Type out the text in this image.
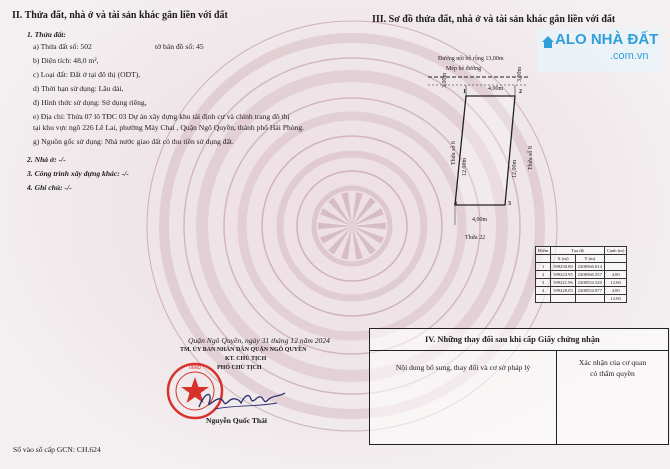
II. Thửa đất, nhà ở và tài sản khác gắn liền với đất
1. Thửa đất:
a) Thửa đất số: 502	tờ bản đồ số: 45
b) Diện tích: 48,0 m²,
c) Loại đất: Đất ở tại đô thị (ODT),
d) Thời hạn sử dụng: Lâu dài,
đ) Hình thức sử dụng: Sử dụng riêng,
e) Địa chỉ: Thửa 07 lô TĐC 03 Dự án xây dựng khu tái định cư và chỉnh trang đô thị
tại khu vực ngõ 226 Lê Lai, phường Máy Chai , Quận Ngô Quyền, thành phố Hải Phòng.
g) Nguồn gốc sử dụng: Nhà nước giao đất có thu tiền sử dụng đất.
2. Nhà ở: -/-
3. Công trình xây dựng khác: -/-
4. Ghi chú: -/-
Quận Ngô Quyền, ngày 31 tháng 12 năm 2024
TM. ỦY BAN NHÂN DÂN QUẬN NGÔ QUYỀN
KT. CHỦ TỊCH
PHÓ CHỦ TỊCH
UBND
Nguyễn Quốc Thái
Số vào sổ cấp GCN: CH.624
III. Sơ đồ thửa đất, nhà ở và tài sản khác gắn liền với đất
Đường nội bộ rộng 13,00m
Mép hè đường
4,00m
4,00m
3,00m	3,00m
12,00m	12,00m
Thửa số 6	Thửa số 8
Thửa 22
1	2
3
4
Điểm	Tọa độ		Cạnh (m)
	X (m)	Y (m)	
1	599230.80	2308566.814	
2	599223.95	2308566.357	4.00
3	599221.96	2308554.320	12.00
4	599228.03	2308554.977	4.00
			12.00
IV. Những thay đổi sau khi cấp Giấy chứng nhận
Nội dung bổ sung, thay đổi và cơ sở pháp lý
Xác nhận của cơ quan
có thẩm quyền
ALO NHÀ ĐẤT
.com.vn
